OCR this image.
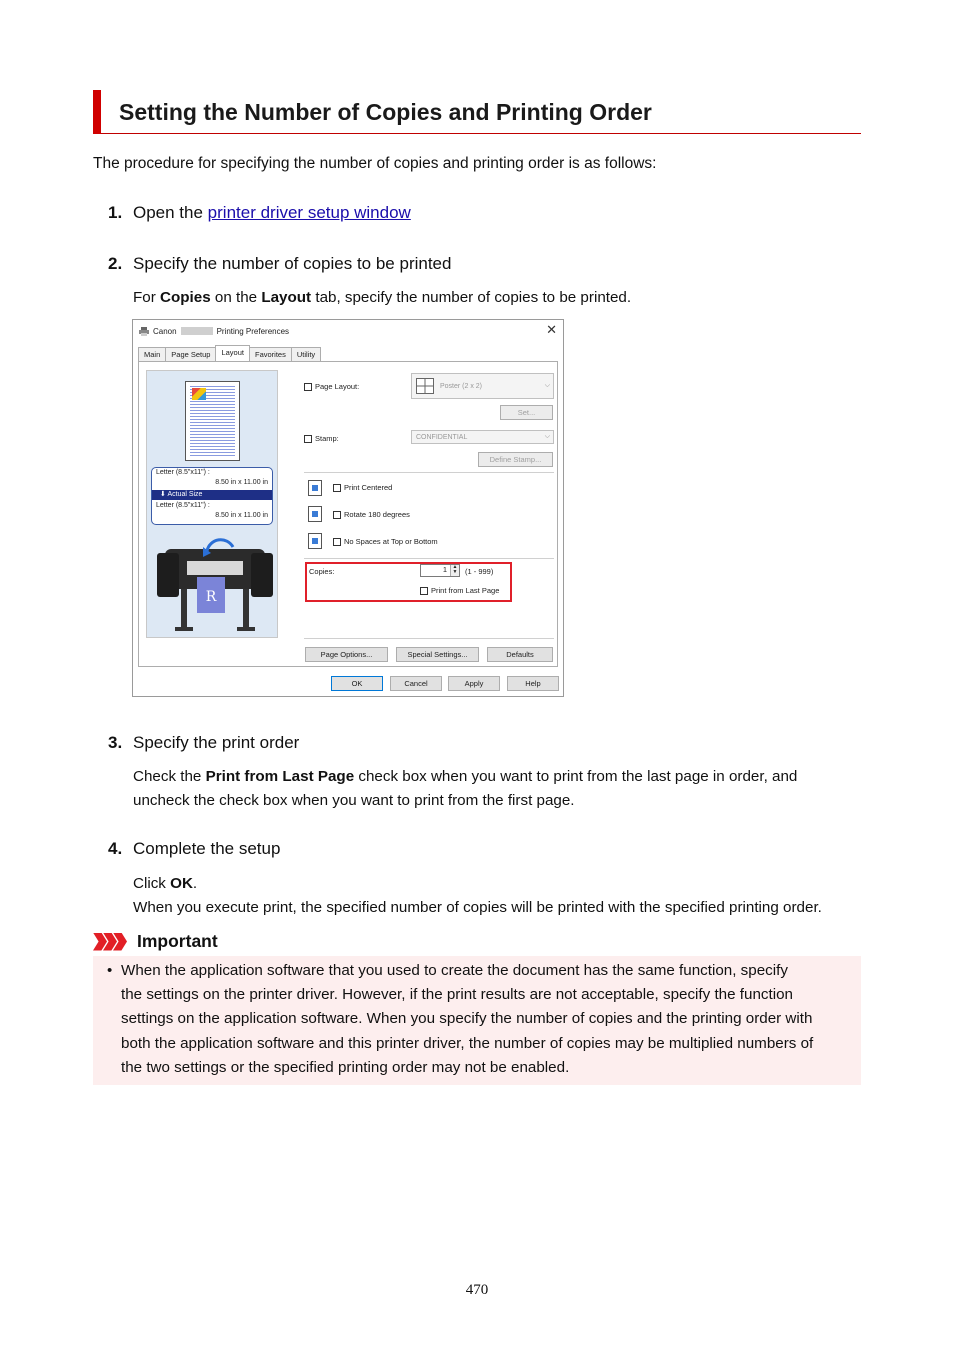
Setting the Number of Copies and Printing Order
The procedure for specifying the number of copies and printing order is as follows:
1. Open the printer driver setup window
2. Specify the number of copies to be printed
For Copies on the Layout tab, specify the number of copies to be printed.
Canon	Printing Preferences	✕
Main	Page Setup	Layout	Favorites	Utility
Letter (8.5"x11") :
8.50 in x 11.00 in
⬇ Actual Size
Letter (8.5"x11") :
8.50 in x 11.00 in
R
Page Layout:	Poster (2 x 2)	⌵
Set...
Stamp:	CONFIDENTIAL	⌵
Define Stamp...
Print Centered
Rotate 180 degrees
No Spaces at Top or Bottom
Copies:	1	▲
▼ (1 - 999)
Print from Last Page
Page Options...	Special Settings...	Defaults
OK	Cancel	Apply	Help
3. Specify the print order
Check the Print from Last Page check box when you want to print from the last page in order, and
uncheck the check box when you want to print from the first page.
4. Complete the setup
Click OK.
When you execute print, the specified number of copies will be printed with the specified printing order.
Important
• When the application software that you used to create the document has the same function, specify
the settings on the printer driver. However, if the print results are not acceptable, specify the function
settings on the application software. When you specify the number of copies and the printing order with
both the application software and this printer driver, the number of copies may be multiplied numbers of
the two settings or the specified printing order may not be enabled.
470
